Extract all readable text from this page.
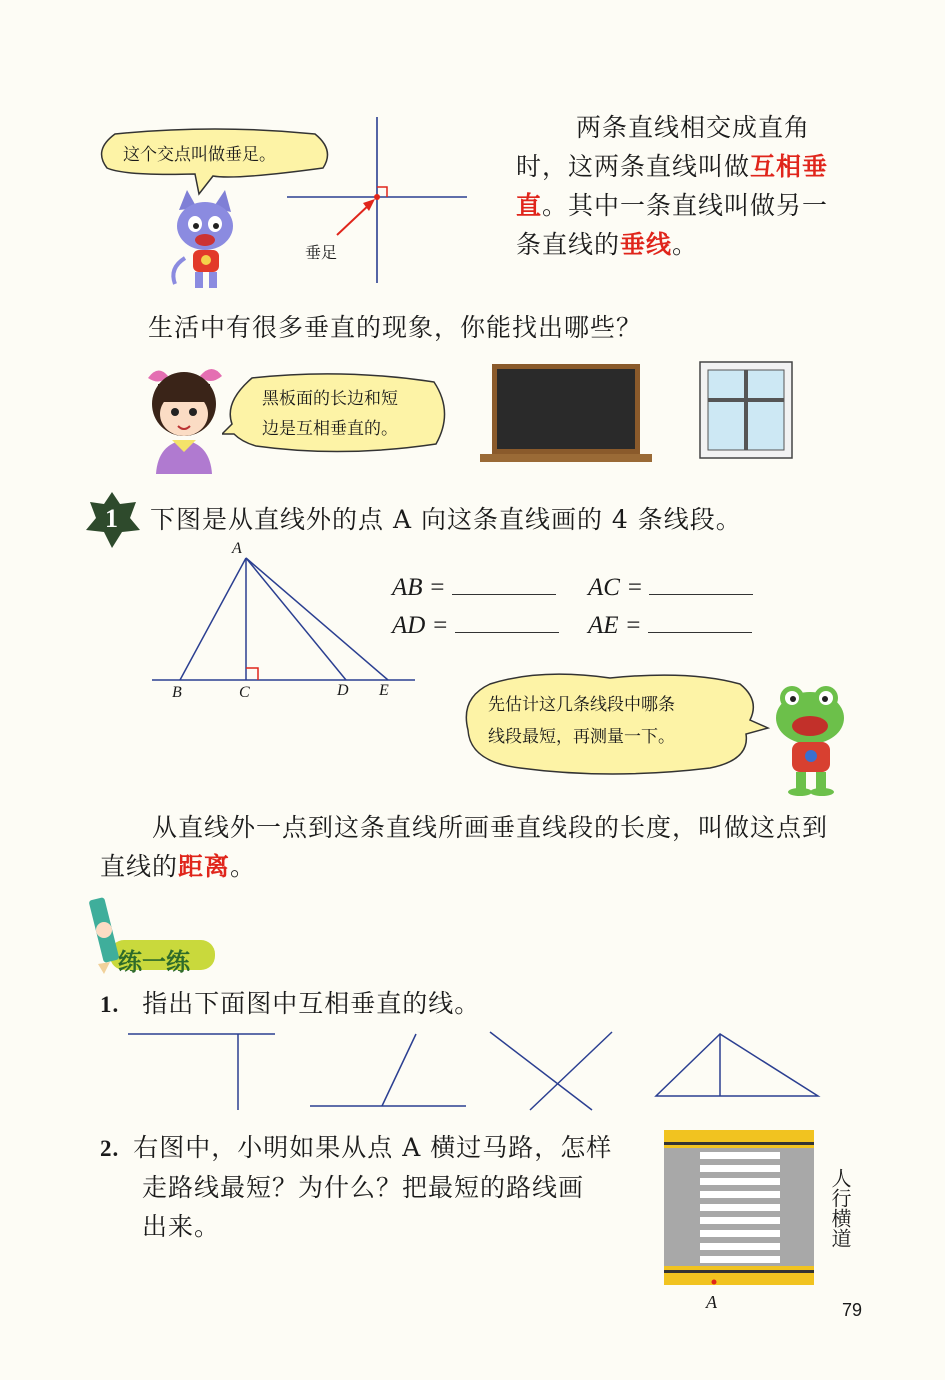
这个交点叫做垂足。
垂足
两条直线相交成直角
时，这两条直线叫做互相垂
直。其中一条直线叫做另一
条直线的垂线。
生活中有很多垂直的现象，你能找出哪些？
黑板面的长边和短
边是互相垂直的。
1 下图是从直线外的点 A 向这条直线画的 4 条线段。
A
B	C	D E
AB =	AC =
AD =	AE =
先估计这几条线段中哪条
线段最短，再测量一下。
从直线外一点到这条直线所画垂直线段的长度，叫做这点到
直线的距离。
练一练
1. 指出下面图中互相垂直的线。
2. 右图中，小明如果从点 A 横过马路，怎样
走路线最短？为什么？把最短的路线画
出来。	人行横道
A	79
